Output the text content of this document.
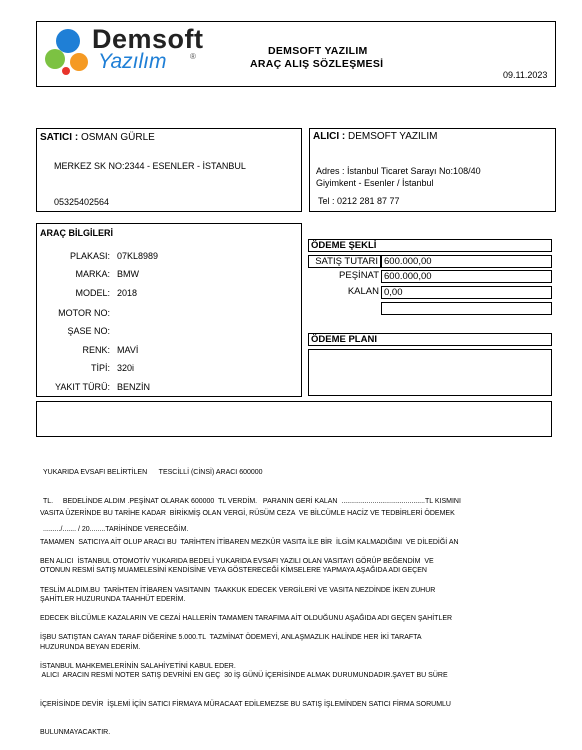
Demsoft
Yazılım	®	DEMSOFT YAZILIM
ARAÇ ALIŞ SÖZLEŞMESİ
09.11.2023
SATICI : OSMAN GÜRLE
MERKEZ SK NO:2344 - ESENLER - İSTANBUL
05325402564
ALICI : DEMSOFT YAZILIM
Adres : İstanbul Ticaret Sarayı No:108/40
Giyimkent - Esenler / İstanbul
Tel : 0212 281 87 77
ARAÇ BİLGİLERİ
PLAKASI: 07KL8989
MARKA: BMW
MODEL: 2018
MOTOR NO:
ŞASE NO:
RENK: MAVİ
TİPİ: 320i
YAKIT TÜRÜ: BENZİN
ÖDEME ŞEKLİ
SATIŞ TUTARI 600.000,00
PEŞİNAT 600.000,00
KALAN 0,00
ÖDEME PLANI

YUKARIDA EVSAFI BELİRTİLEN      TESCİLLİ (CİNSİ) ARACI 600000

TL.     BEDELİNDE ALDIM .PEŞİNAT OLARAK 600000  TL VERDİM.   PARANIN GERİ KALAN  ...........................................TL KISMINI

........./....... / 20........TARİHİNDE VERECEĞİM.

VASITA ÜZERİNDE BU TARİHE KADAR  BİRİKMİŞ OLAN VERGİ, RÜSÜM CEZA  VE BİLCÜMLE HACİZ VE TEDBİRLERİ ÖDEMEK

TAMAMEN  SATICIYA AİT OLUP ARACI BU  TARİHTEN İTİBAREN MEZKÜR VASITA İLE BİR  İLGİM KALMADIĞINI  VE DİLEDİĞİ AN

OTONUN RESMİ SATIŞ MUAMELESİNİ KENDİSİNE VEYA GÖSTERECEĞİ KİMSELERE YAPMAYA AŞAĞIDA ADI GEÇEN

ŞAHİTLER HUZURUNDA TAAHHÜT EDERİM.

BEN ALICI  İSTANBUL OTOMOTİV YUKARIDA BEDELİ YUKARIDA EVSAFI YAZILI OLAN VASITAYI GÖRÜP BEĞENDİM  VE

TESLİM ALDIM.BU  TARİHTEN İTİBAREN VASITANIN  TAAKKUK EDECEK VERGİLERİ VE VASITA NEZDİNDE İKEN ZUHUR

EDECEK BİLCÜMLE KAZALARIN VE CEZAİ HALLERİN TAMAMEN TARAFIMA AİT OLDUĞUNU AŞAĞIDA ADI GEÇEN ŞAHİTLER

HUZURUNDA BEYAN EDERİM.

ALICI  ARACIN RESMİ NOTER SATIŞ DEVRİNİ EN GEÇ  30 İŞ GÜNÜ İÇERİSİNDE ALMAK DURUMUNDADIR.ŞAYET BU SÜRE

İÇERİSİNDE DEVİR  İŞLEMİ İÇİN SATICI FİRMAYA MÜRACAAT EDİLEMEZSE BU SATIŞ İŞLEMİNDEN SATICI FİRMA SORUMLU

BULUNMAYACAKTIR.

İŞBU SATIŞTAN CAYAN TARAF DİĞERİNE 5.000.TL  TAZMİNAT ÖDEMEYİ, ANLAŞMAZLIK HALİNDE HER İKİ TARAFTA

İSTANBUL MAHKEMELERİNİN SALAHİYETİNİ KABUL EDER.
